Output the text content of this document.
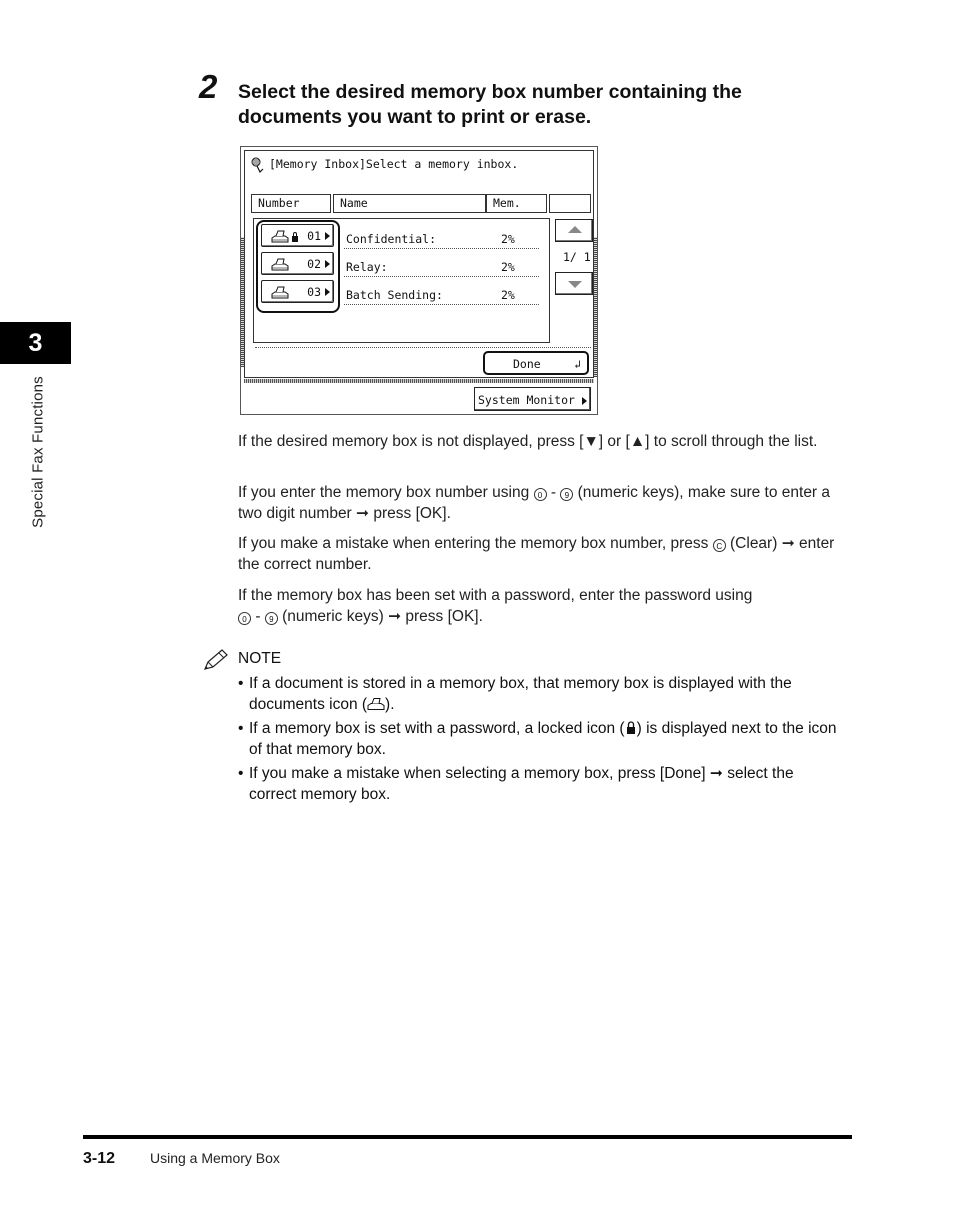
3
Special Fax Functions
2 Select the desired memory box number containing the documents you want to print or erase.
[Memory Inbox]Select a memory inbox.
Number	Name	Mem.
01 Confidential:	2%
02 Relay:	2%
03 Batch Sending:	2%
1/ 1
Done	↲
System Monitor
If the desired memory box is not displayed, press [▼] or [▲] to scroll through the list.
If you enter the memory box number using 0 - 9 (numeric keys), make sure to enter a two digit number ➞ press [OK].
If you make a mistake when entering the memory box number, press C (Clear) ➞ enter the correct number.
If the memory box has been set with a password, enter the password using
0 - 9 (numeric keys) ➞ press [OK].
NOTE
• If a document is stored in a memory box, that memory box is displayed with the documents icon ( ).
• If a memory box is set with a password, a locked icon ( ) is displayed next to the icon of that memory box.
• If you make a mistake when selecting a memory box, press [Done] ➞ select the correct memory box.
3-12 Using a Memory Box
